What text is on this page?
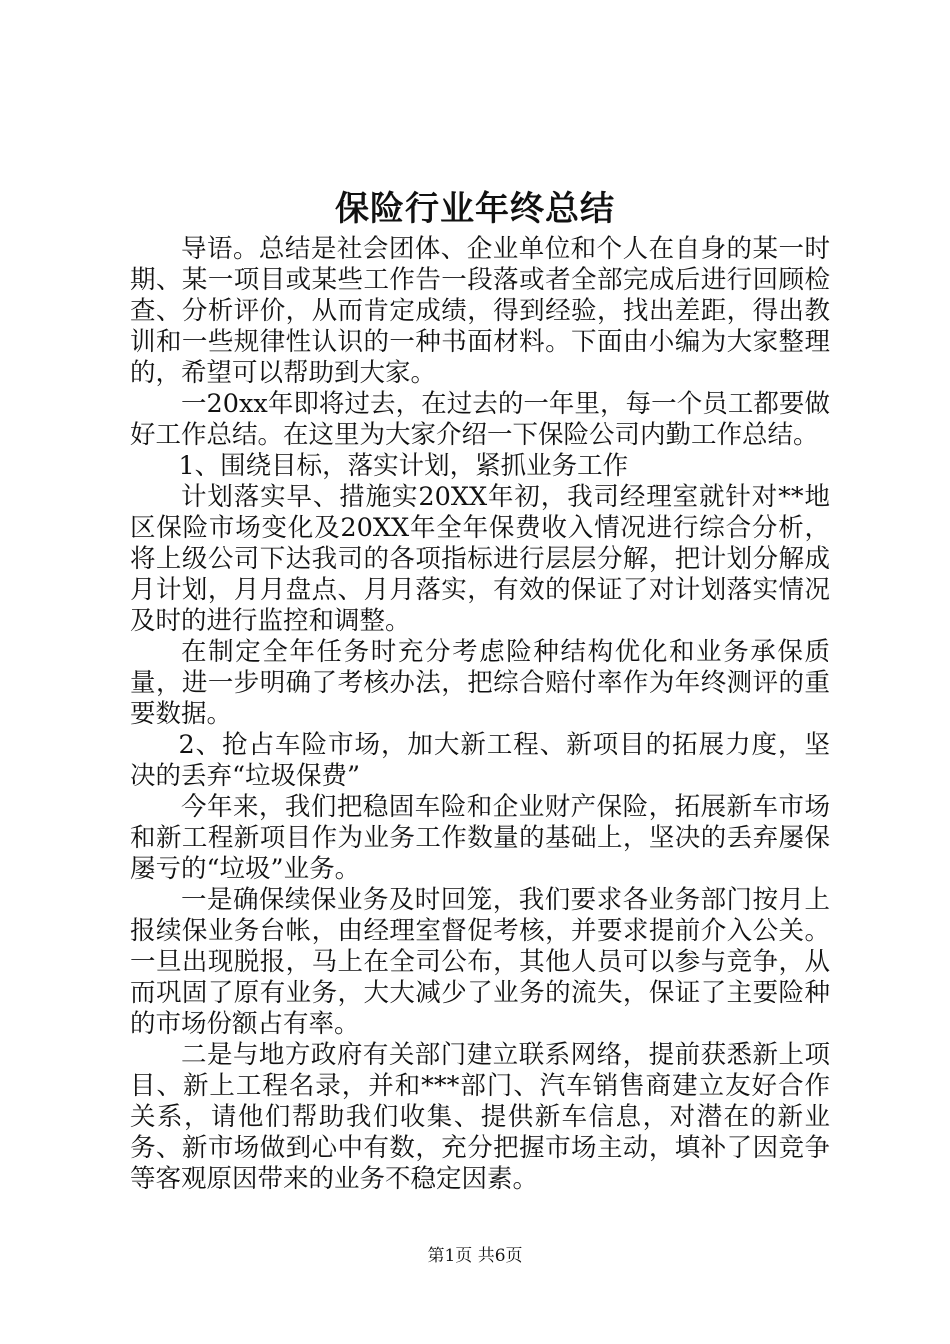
保险行业年终总结

导语。总结是社会团体、企业单位和个人在自身的某一时期、某一项目或某些工作告一段落或者全部完成后进行回顾检查、分析评价，从而肯定成绩，得到经验，找出差距，得出教训和一些规律性认识的一种书面材料。下面由小编为大家整理的，希望可以帮助到大家。

一20xx年即将过去，在过去的一年里，每一个员工都要做好工作总结。在这里为大家介绍一下保险公司内勤工作总结。

1、围绕目标，落实计划，紧抓业务工作

计划落实早、措施实20XX年初，我司经理室就针对**地区保险市场变化及20XX年全年保费收入情况进行综合分析，将上级公司下达我司的各项指标进行层层分解，把计划分解成月计划，月月盘点、月月落实，有效的保证了对计划落实情况及时的进行监控和调整。

在制定全年任务时充分考虑险种结构优化和业务承保质量，进一步明确了考核办法，把综合赔付率作为年终测评的重要数据。

2、抢占车险市场，加大新工程、新项目的拓展力度，坚决的丢弃“垃圾保费”

今年来，我们把稳固车险和企业财产保险，拓展新车市场和新工程新项目作为业务工作数量的基础上，坚决的丢弃屡保屡亏的“垃圾”业务。

一是确保续保业务及时回笼，我们要求各业务部门按月上报续保业务台帐，由经理室督促考核，并要求提前介入公关。一旦出现脱报，马上在全司公布，其他人员可以参与竞争，从而巩固了原有业务，大大减少了业务的流失，保证了主要险种的市场份额占有率。

二是与地方政府有关部门建立联系网络，提前获悉新上项目、新上工程名录，并和***部门、汽车销售商建立友好合作关系，请他们帮助我们收集、提供新车信息，对潜在的新业务、新市场做到心中有数，充分把握市场主动，填补了因竞争等客观原因带来的业务不稳定因素。

第1页 共6页
